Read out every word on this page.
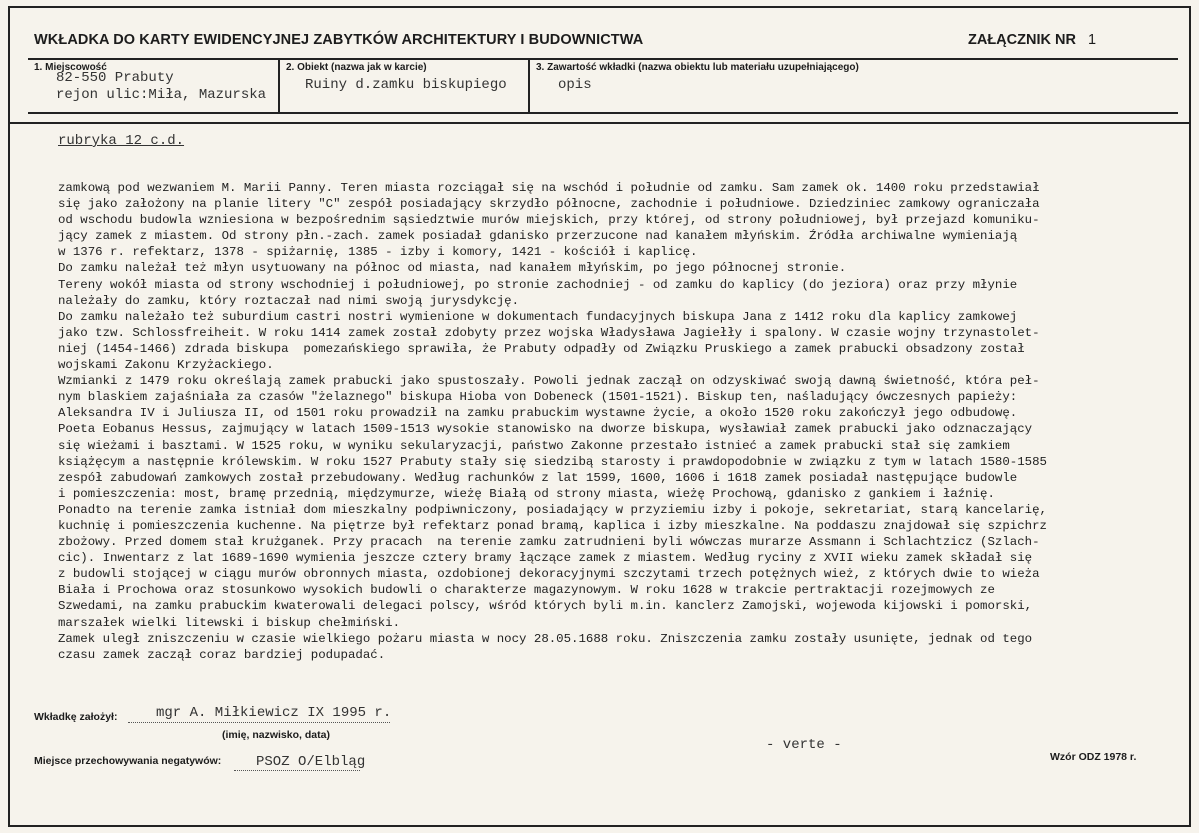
WKŁADKA DO KARTY EWIDENCYJNEJ ZABYTKÓW ARCHITEKTURY I BUDOWNICTWA	ZAŁĄCZNIK NR 1
1. Miejscowość
82-550 Prabuty
rejon ulic:Miła, Mazurska
2. Obiekt (nazwa jak w karcie)
Ruiny d.zamku biskupiego
3. Zawartość wkładki (nazwa obiektu lub materiału uzupełniającego)
opis
rubryka 12 c.d.
zamkową pod wezwaniem M. Marii Panny. Teren miasta rozciągał się na wschód i południe od zamku. Sam zamek ok. 1400 roku przedstawiał
się jako założony na planie litery "C" zespół posiadający skrzydło północne, zachodnie i południowe. Dziedziniec zamkowy ograniczała
od wschodu budowla wzniesiona w bezpośrednim sąsiedztwie murów miejskich, przy której, od strony południowej, był przejazd komuniku-
jący zamek z miastem. Od strony płn.-zach. zamek posiadał gdanisko przerzucone nad kanałem młyńskim. Źródła archiwalne wymieniają
w 1376 r. refektarz, 1378 - spiżarnię, 1385 - izby i komory, 1421 - kościół i kaplicę.
Do zamku należał też młyn usytuowany na północ od miasta, nad kanałem młyńskim, po jego północnej stronie.
Tereny wokół miasta od strony wschodniej i południowej, po stronie zachodniej - od zamku do kaplicy (do jeziora) oraz przy młynie
należały do zamku, który roztaczał nad nimi swoją jurysdykcję.
Do zamku należało też suburdium castri nostri wymienione w dokumentach fundacyjnych biskupa Jana z 1412 roku dla kaplicy zamkowej
jako tzw. Schlossfreiheit. W roku 1414 zamek został zdobyty przez wojska Władysława Jagiełły i spalony. W czasie wojny trzynastolet-
niej (1454-1466) zdrada biskupa  pomezańskiego sprawiła, że Prabuty odpadły od Związku Pruskiego a zamek prabucki obsadzony został
wojskami Zakonu Krzyżackiego.
Wzmianki z 1479 roku określają zamek prabucki jako spustoszały. Powoli jednak zaczął on odzyskiwać swoją dawną świetność, która peł-
nym blaskiem zajaśniała za czasów "żelaznego" biskupa Hioba von Dobeneck (1501-1521). Biskup ten, naśladujący ówczesnych papieży:
Aleksandra IV i Juliusza II, od 1501 roku prowadził na zamku prabuckim wystawne życie, a około 1520 roku zakończył jego odbudowę.
Poeta Eobanus Hessus, zajmujący w latach 1509-1513 wysokie stanowisko na dworze biskupa, wysławiał zamek prabucki jako odznaczający
się wieżami i basztami. W 1525 roku, w wyniku sekularyzacji, państwo Zakonne przestało istnieć a zamek prabucki stał się zamkiem
książęcym a następnie królewskim. W roku 1527 Prabuty stały się siedzibą starosty i prawdopodobnie w związku z tym w latach 1580-1585
zespół zabudowań zamkowych został przebudowany. Według rachunków z lat 1599, 1600, 1606 i 1618 zamek posiadał następujące budowle
i pomieszczenia: most, bramę przednią, międzymurze, wieżę Białą od strony miasta, wieżę Prochową, gdanisko z gankiem i łaźnię.
Ponadto na terenie zamka istniał dom mieszkalny podpiwniczony, posiadający w przyziemiu izby i pokoje, sekretariat, starą kancelarię,
kuchnię i pomieszczenia kuchenne. Na piętrze był refektarz ponad bramą, kaplica i izby mieszkalne. Na poddaszu znajdował się szpichrz
zbożowy. Przed domem stał krużganek. Przy pracach  na terenie zamku zatrudnieni byli wówczas murarze Assmann i Schlachtzicz (Szlach-
cic). Inwentarz z lat 1689-1690 wymienia jeszcze cztery bramy łączące zamek z miastem. Według ryciny z XVII wieku zamek składał się
z budowli stojącej w ciągu murów obronnych miasta, ozdobionej dekoracyjnymi szczytami trzech potężnych wież, z których dwie to wieża
Biała i Prochowa oraz stosunkowo wysokich budowli o charakterze magazynowym. W roku 1628 w trakcie pertraktacji rozejmowych ze
Szwedami, na zamku prabuckim kwaterowali delegaci polscy, wśród których byli m.in. kanclerz Zamojski, wojewoda kijowski i pomorski,
marszałek wielki litewski i biskup chełmiński.
Zamek uległ zniszczeniu w czasie wielkiego pożaru miasta w nocy 28.05.1688 roku. Zniszczenia zamku zostały usunięte, jednak od tego
czasu zamek zaczął coraz bardziej podupadać.
Wkładkę założył:	mgr A. Miłkiewicz IX 1995 r.
(imię, nazwisko, data)
- verte -
Miejsce przechowywania negatywów: PSOZ O/Elbląg	Wzór ODZ 1978 r.
